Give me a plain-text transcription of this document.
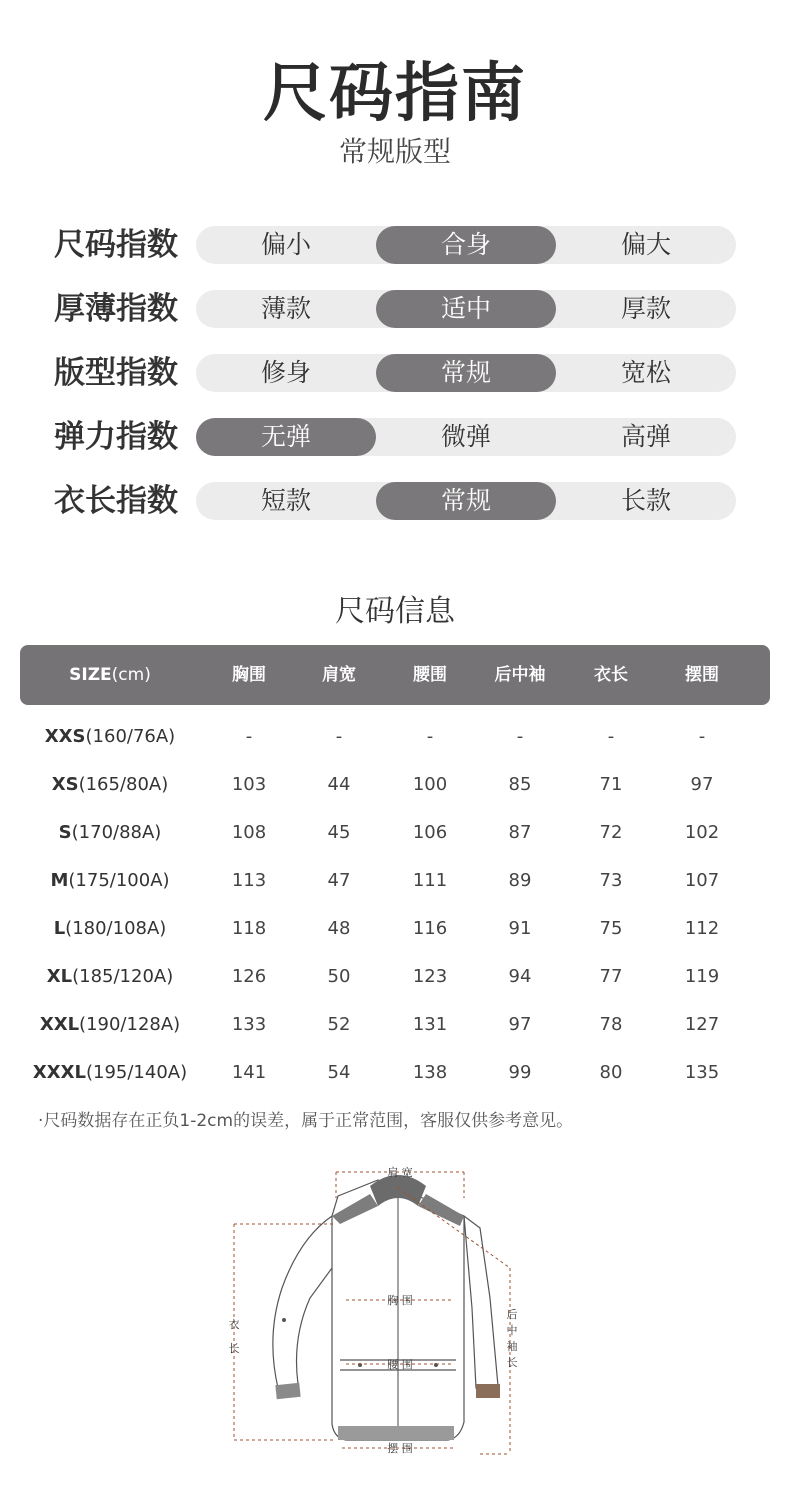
尺码指南
常规版型
尺码指数	偏小	合身	偏大
厚薄指数	薄款	适中	厚款
版型指数	修身	常规	宽松
弹力指数	无弹	微弹	高弹
衣长指数	短款	常规	长款
尺码信息
SIZE(cm)	胸围	肩宽	腰围	后中袖	衣长	摆围
XXS(160/76A)	-	-	-	-	-	-
XS(165/80A)	103	44	100	85	71	97
S(170/88A)	108	45	106	87	72	102
M(175/100A)	113	47	111	89	73	107
L(180/108A)	118	48	116	91	75	112
XL(185/120A)	126	50	123	94	77	119
XXL(190/128A)	133	52	131	97	78	127
XXXL(195/140A)	141	54	138	99	80	135
·尺码数据存在正负1-2cm的误差，属于正常范围，客服仅供参考意见。
肩 宽
胸 围
腰 围
摆 围
衣
长
后
中
袖
长
